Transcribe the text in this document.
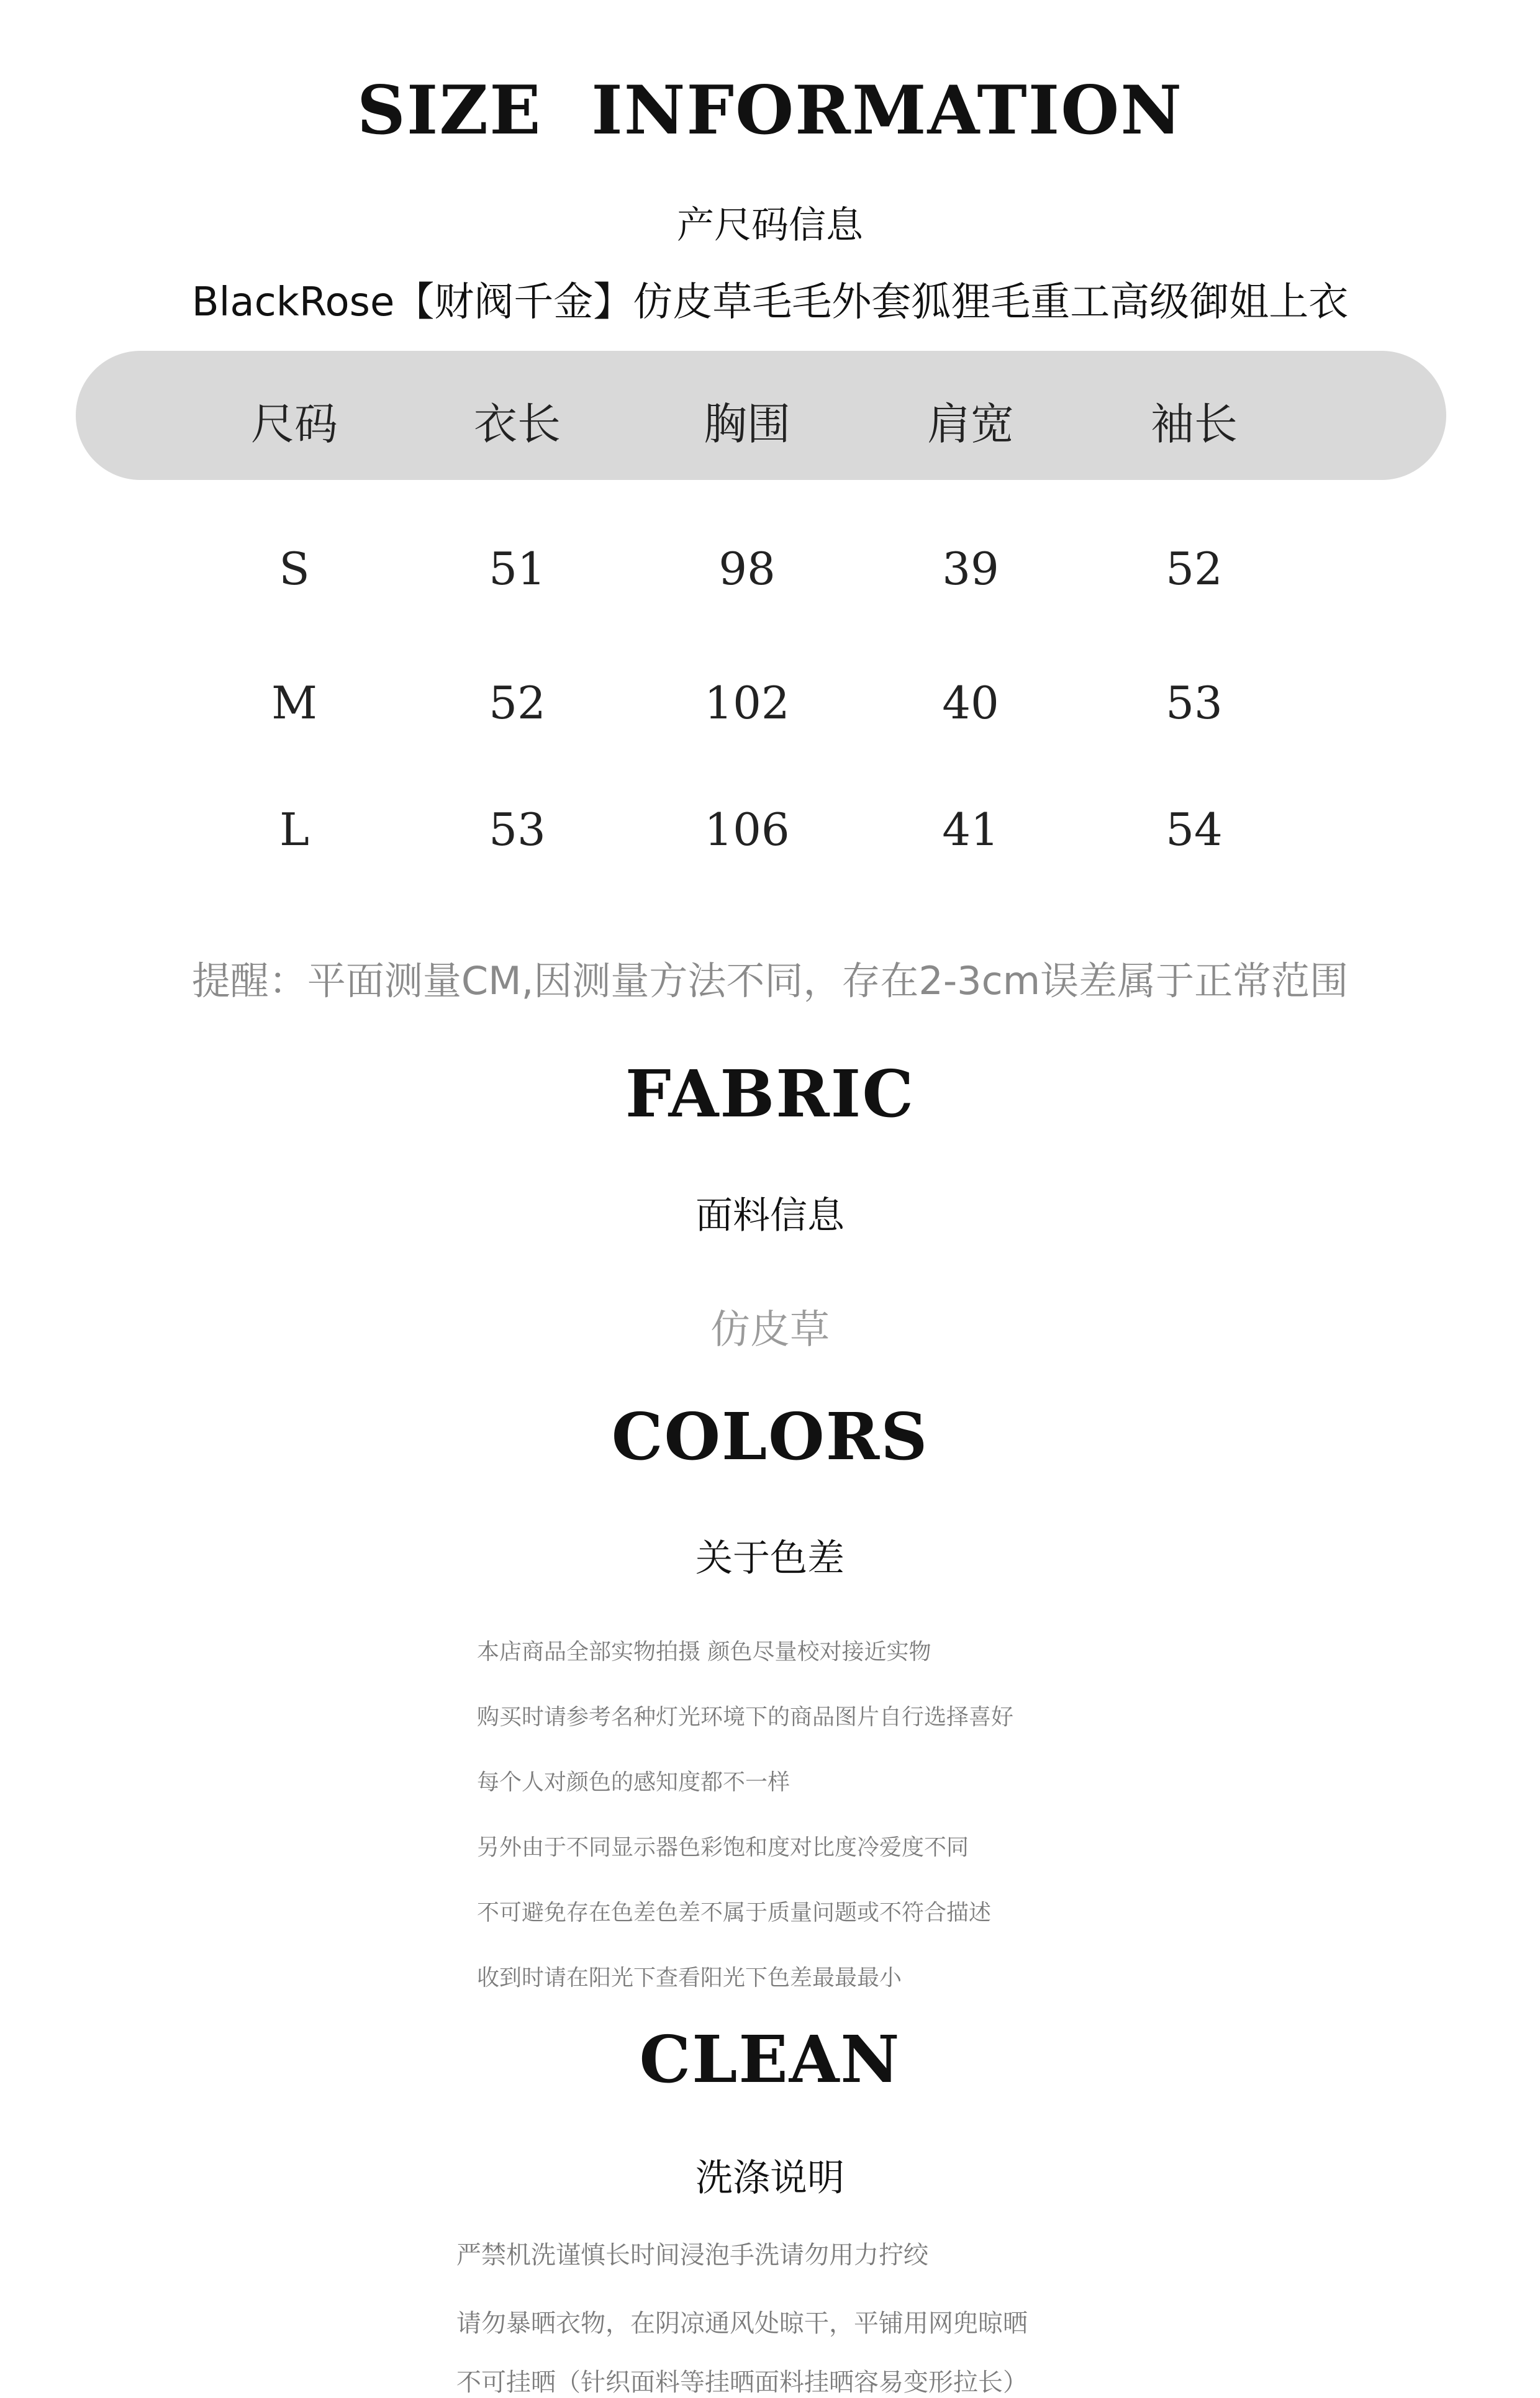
SIZE INFORMATION
产尺码信息
BlackRose【财阀千金】仿皮草毛毛外套狐狸毛重工高级御姐上衣
尺码	衣长	胸围	肩宽	袖长
S	51	98	39	52
M	52	102	40	53
L	53	106	41	54
提醒：平面测量CM,因测量方法不同，存在2-3cm误差属于正常范围
FABRIC
面料信息
仿皮草
COLORS
关于色差
本店商品全部实物拍摄 颜色尽量校对接近实物
购买时请参考名种灯光环境下的商品图片自行选择喜好
每个人对颜色的感知度都不一样
另外由于不同显示器色彩饱和度对比度冷爱度不同
不可避免存在色差色差不属于质量问题或不符合描述
收到时请在阳光下查看阳光下色差最最最小
CLEAN
洗涤说明
严禁机洗谨慎长时间浸泡手洗请勿用力拧绞
请勿暴晒衣物，在阴凉通风处晾干，平铺用网兜晾晒
不可挂晒（针织面料等挂晒面料挂晒容易变形拉长）
